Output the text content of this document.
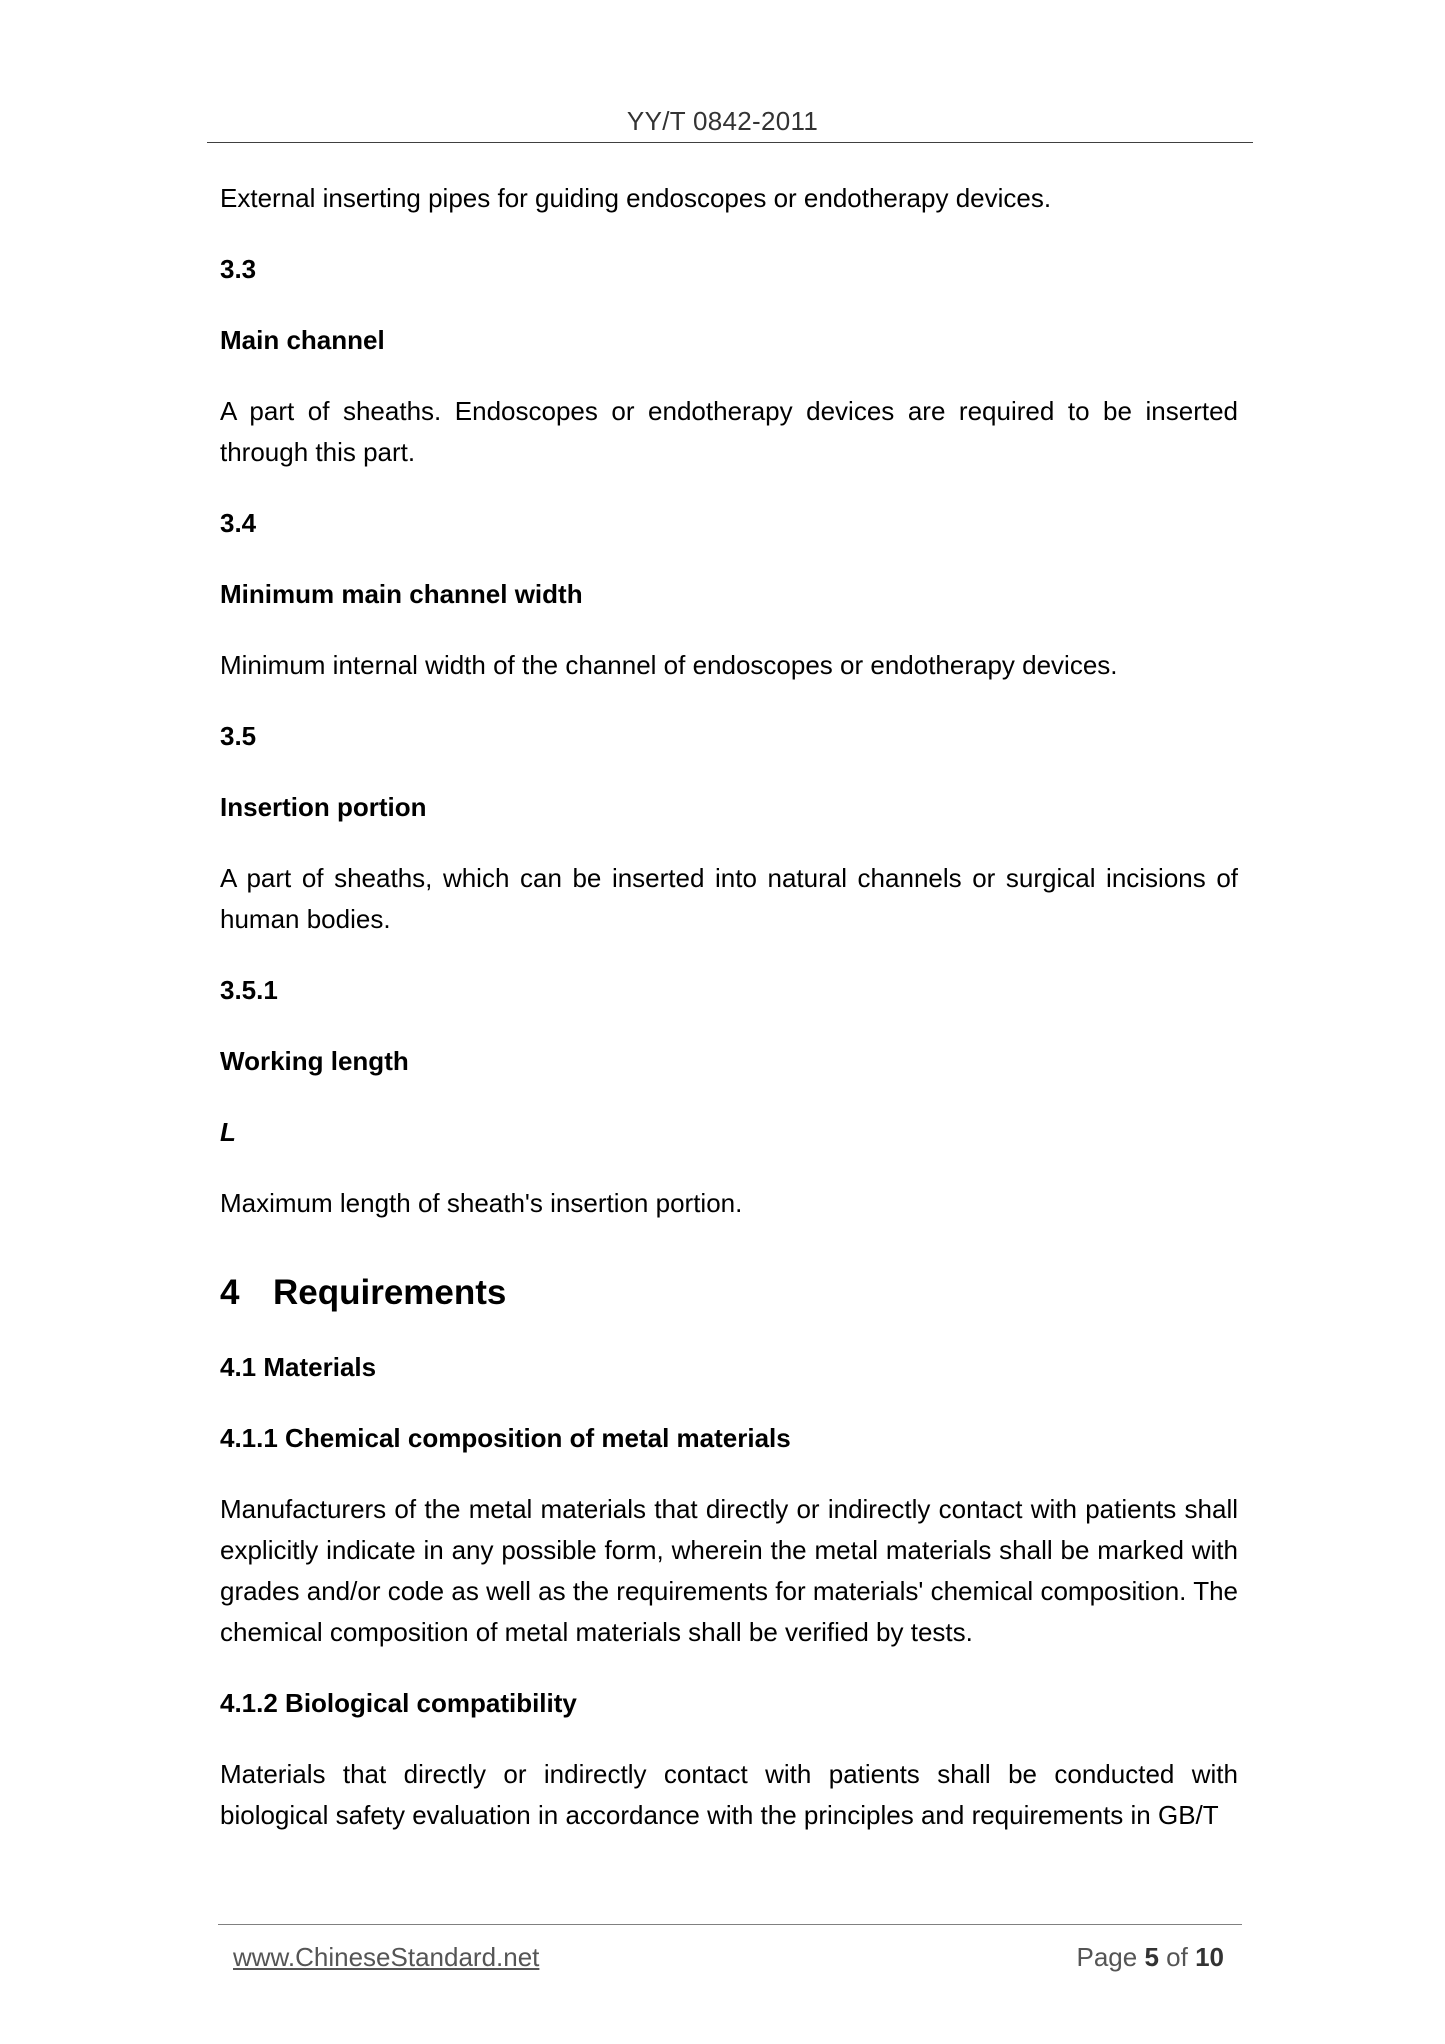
YY/T 0842-2011

External inserting pipes for guiding endoscopes or endotherapy devices.

3.3

Main channel

A part of sheaths. Endoscopes or endotherapy devices are required to be inserted through this part.

3.4

Minimum main channel width

Minimum internal width of the channel of endoscopes or endotherapy devices.

3.5

Insertion portion

A part of sheaths, which can be inserted into natural channels or surgical incisions of human bodies.

3.5.1

Working length

L

Maximum length of sheath's insertion portion.

4 Requirements

4.1 Materials

4.1.1 Chemical composition of metal materials

Manufacturers of the metal materials that directly or indirectly contact with patients shall explicitly indicate in any possible form, wherein the metal materials shall be marked with grades and/or code as well as the requirements for materials' chemical composition. The chemical composition of metal materials shall be verified by tests.

4.1.2 Biological compatibility

Materials that directly or indirectly contact with patients shall be conducted with biological safety evaluation in accordance with the principles and requirements in GB/T

www.ChineseStandard.net	Page 5 of 10
